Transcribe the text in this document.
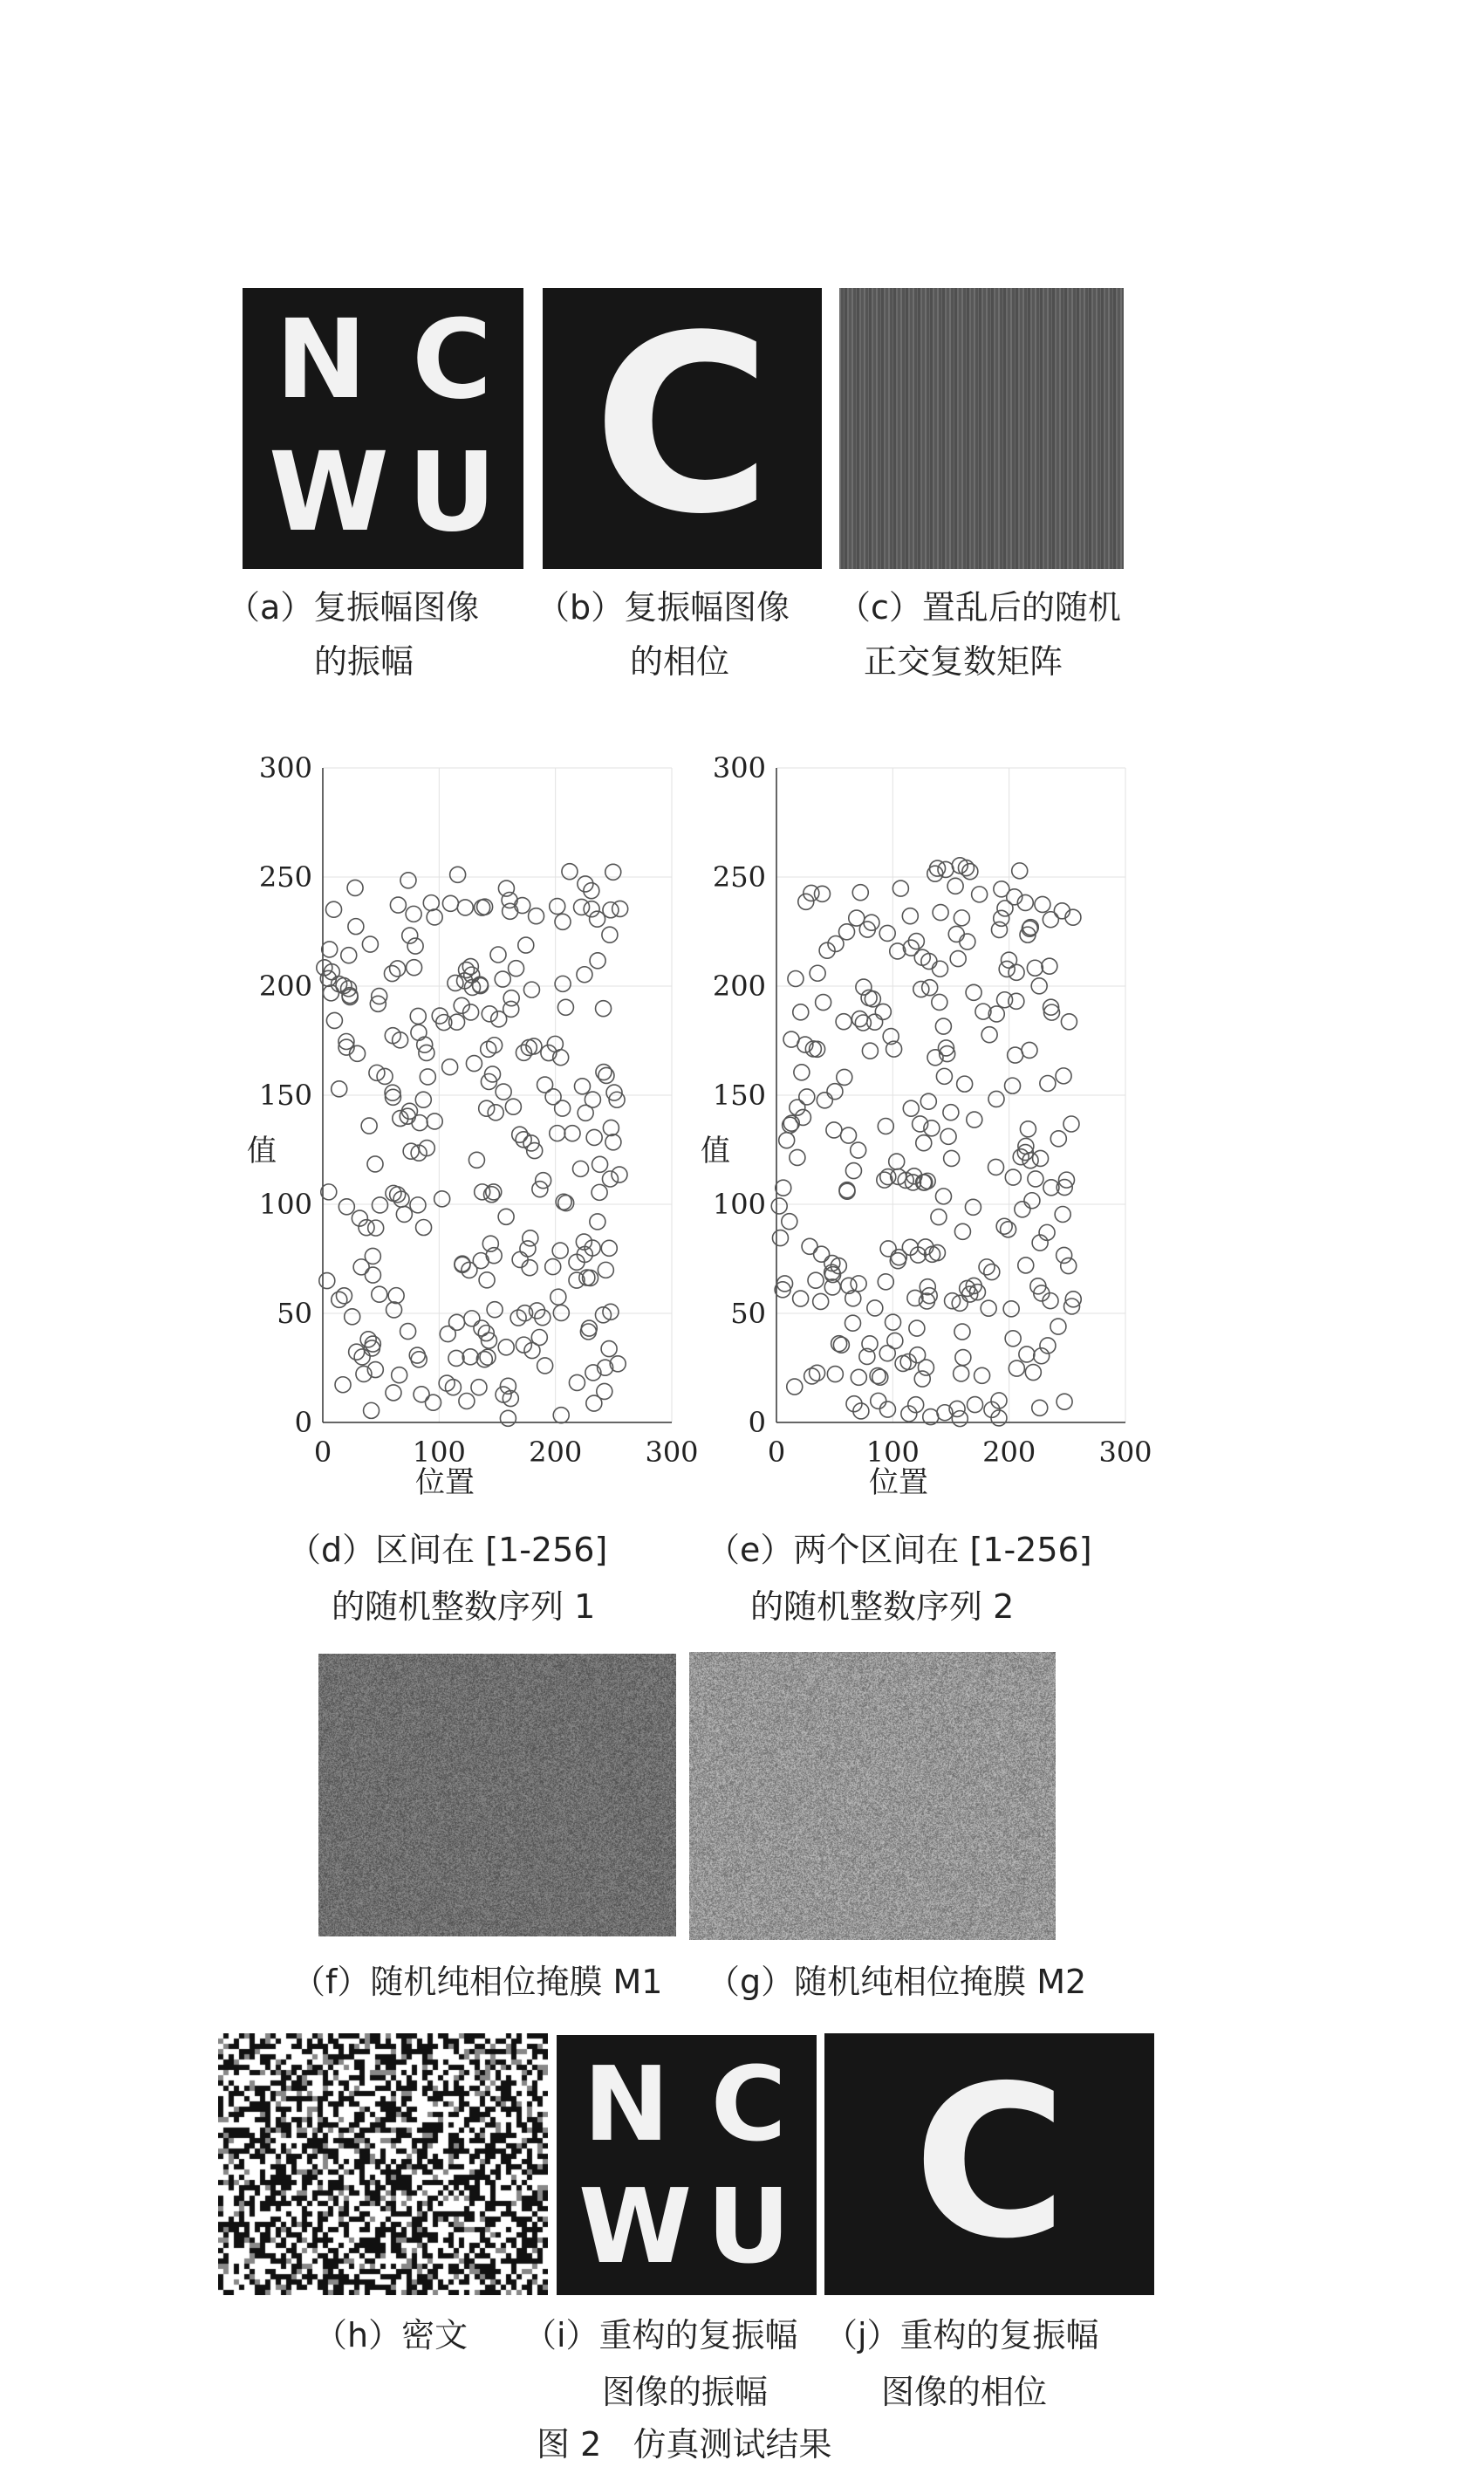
N C
W U C
（a）复振幅图像
的振幅
（b）复振幅图像
的相位
（c）置乱后的随机
正交复数矩阵
0	100 200 300
0
50
100
150
200
250
300
位置
值
0	100 200 300
0
50
100
150
200
250
300
位置
值
（d）区间在 [1-256]
的随机整数序列 1
（e）两个区间在 [1-256]
的随机整数序列 2
（f）随机纯相位掩膜 M1 （g）随机纯相位掩膜 M2
N C
W U C
（h）密文 （i）重构的复振幅
图像的振幅
（j）重构的复振幅
图像的相位
图 2   仿真测试结果
